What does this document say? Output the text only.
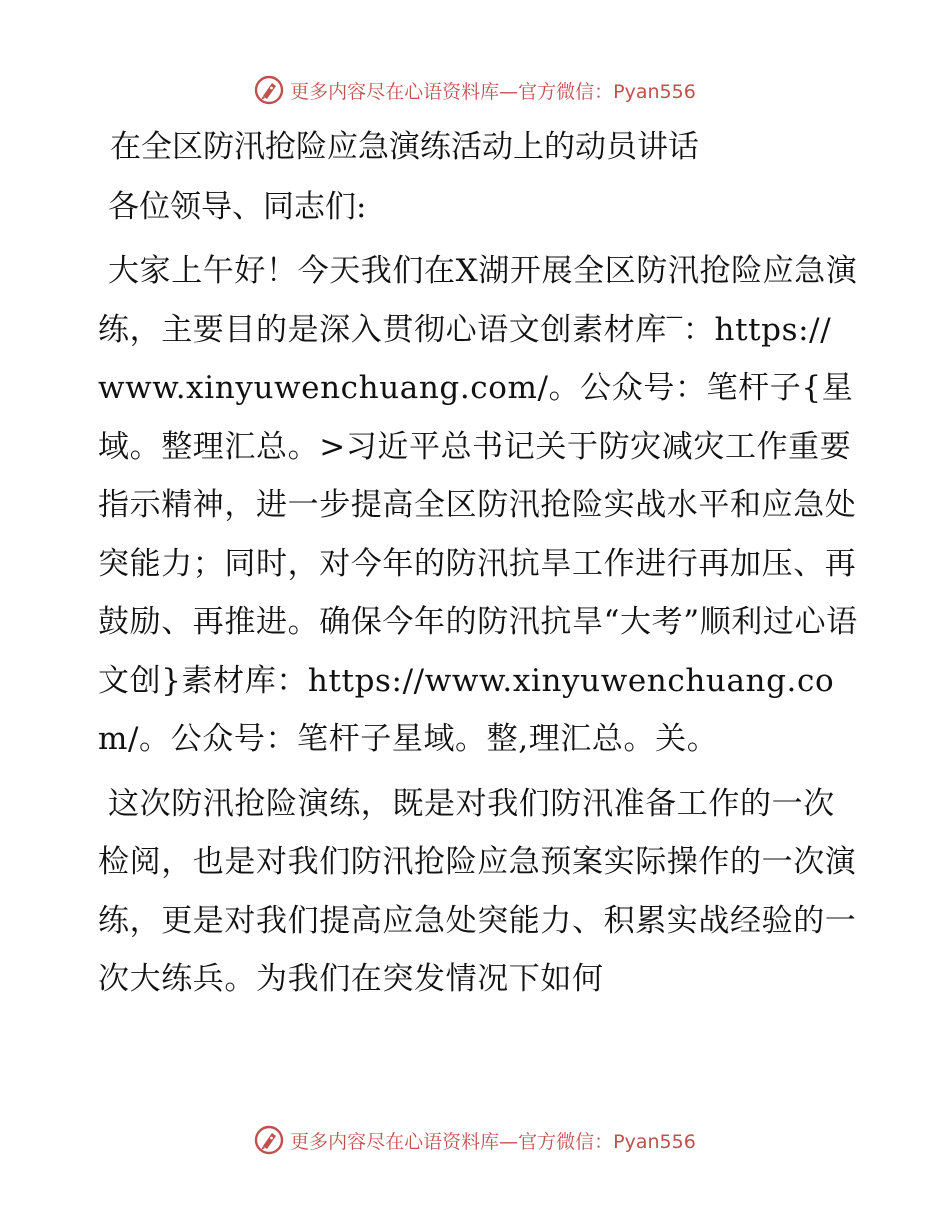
更多内容尽在心语资料库—官方微信：Pyan556
在全区防汛抢险应急演练活动上的动员讲话

各位领导、同志们:

大家上午好！今天我们在X湖开展全区防汛抢险应急演练，主要目的是深入贯彻心语文创素材库‾：https://www.xinyuwenchuang.com/。公众号：笔杆子{星域。整理汇总。>习近平总书记关于防灾减灾工作重要指示精神，进一步提高全区防汛抢险实战水平和应急处突能力；同时，对今年的防汛抗旱工作进行再加压、再鼓励、再推进。确保今年的防汛抗旱“大考”顺利过心语文创}素材库：https://www.xinyuwenchuang.com/。公众号：笔杆子星域。整,理汇总。关。

这次防汛抢险演练，既是对我们防汛准备工作的一次检阅，也是对我们防汛抢险应急预案实际操作的一次演练，更是对我们提高应急处突能力、积累实战经验的一次大练兵。为我们在突发情况下如何

更多内容尽在心语资料库—官方微信：Pyan556
